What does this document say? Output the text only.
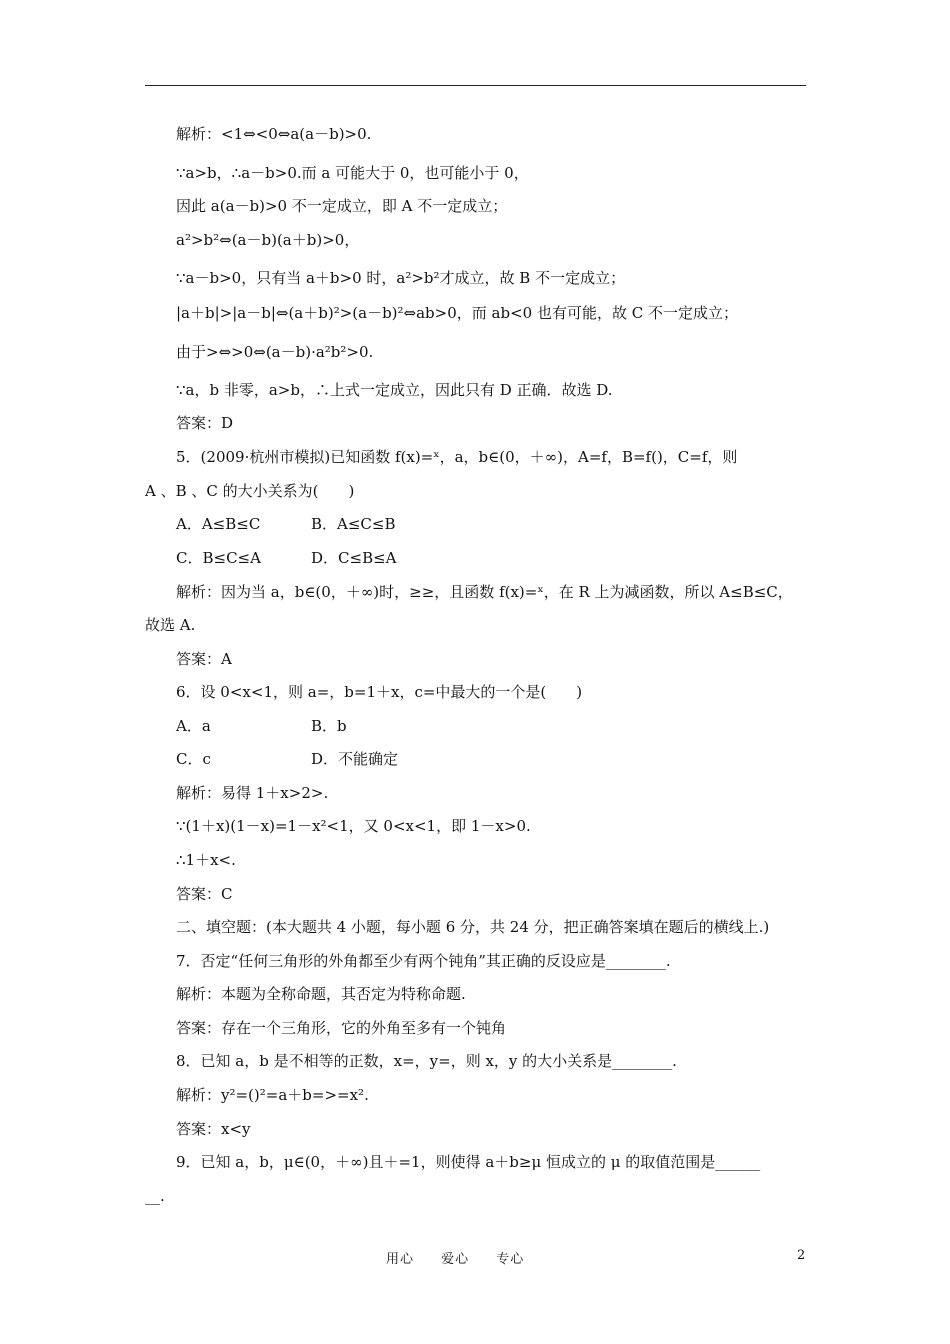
解析：<1⇔<0⇔a(a－b)>0.
∵a>b，∴a－b>0.而 a 可能大于 0，也可能小于 0，
因此 a(a－b)>0 不一定成立，即 A 不一定成立；
a²>b²⇔(a－b)(a＋b)>0，
∵a－b>0，只有当 a＋b>0 时，a²>b²才成立，故 B 不一定成立；
|a＋b|>|a－b|⇔(a＋b)²>(a－b)²⇔ab>0，而 ab<0 也有可能，故 C 不一定成立；
由于>⇔>0⇔(a－b)·a²b²>0.
∵a，b 非零，a>b，∴上式一定成立，因此只有 D 正确．故选 D.
答案：D
5．(2009·杭州市模拟)已知函数 f(x)=ˣ，a，b∈(0，＋∞)，A=f，B=f()，C=f，则
A 、B 、C 的大小关系为(　　)
A．A≤B≤C	B．A≤C≤B
C．B≤C≤A	D．C≤B≤A
解析：因为当 a，b∈(0，＋∞)时，≥≥，且函数 f(x)=ˣ，在 R 上为减函数，所以 A≤B≤C，
故选 A.
答案：A
6．设 0<x<1，则 a=，b=1＋x，c=中最大的一个是(　　)
A．a	B．b
C．c	D．不能确定
解析：易得 1＋x>2>.
∵(1＋x)(1－x)=1－x²<1，又 0<x<1，即 1－x>0.
∴1＋x<.
答案：C
二、填空题：(本大题共 4 小题，每小题 6 分，共 24 分，把正确答案填在题后的横线上.)
7．否定“任何三角形的外角都至少有两个钝角”其正确的反设应是________.
解析：本题为全称命题，其否定为特称命题.
答案：存在一个三角形，它的外角至多有一个钝角
8．已知 a，b 是不相等的正数，x=，y=，则 x，y 的大小关系是________.
解析：y²=()²=a＋b=>=x².
答案：x<y
9．已知 a，b，μ∈(0，＋∞)且＋=1，则使得 a＋b≥μ 恒成立的 μ 的取值范围是______
__.
用心 爱心 专心	2
